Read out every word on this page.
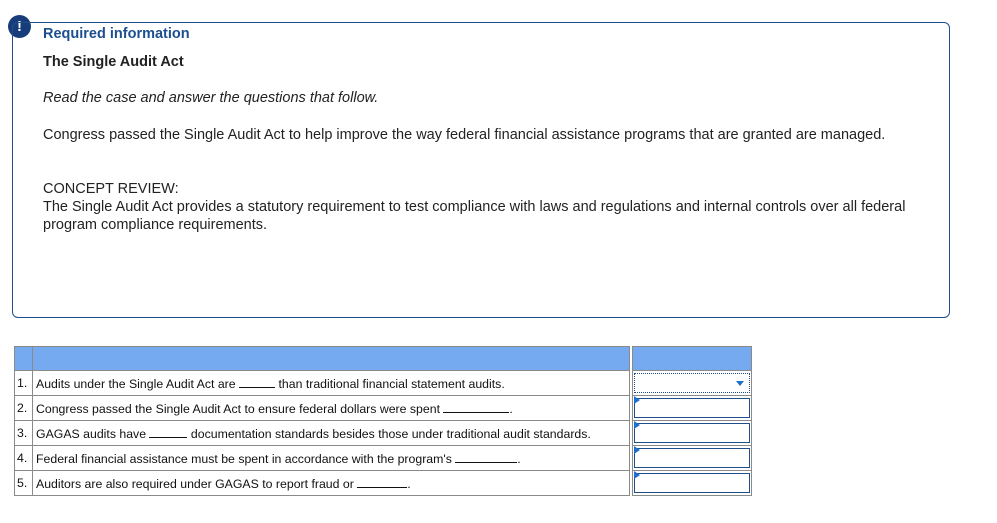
!	Required information
The Single Audit Act
Read the case and answer the questions that follow.
Congress passed the Single Audit Act to help improve the way federal financial assistance programs that are granted are managed.
CONCEPT REVIEW:
The Single Audit Act provides a statutory requirement to test compliance with laws and regulations and internal controls over all federal program compliance requirements.

1.	Audits under the Single Audit Act are than traditional financial statement audits.		

2.	Congress passed the Single Audit Act to ensure federal dollars were spent .		

3.	GAGAS audits have documentation standards besides those under traditional audit standards.		

4.	Federal financial assistance must be spent in accordance with the program's .		

5.	Auditors are also required under GAGAS to report fraud or .		
